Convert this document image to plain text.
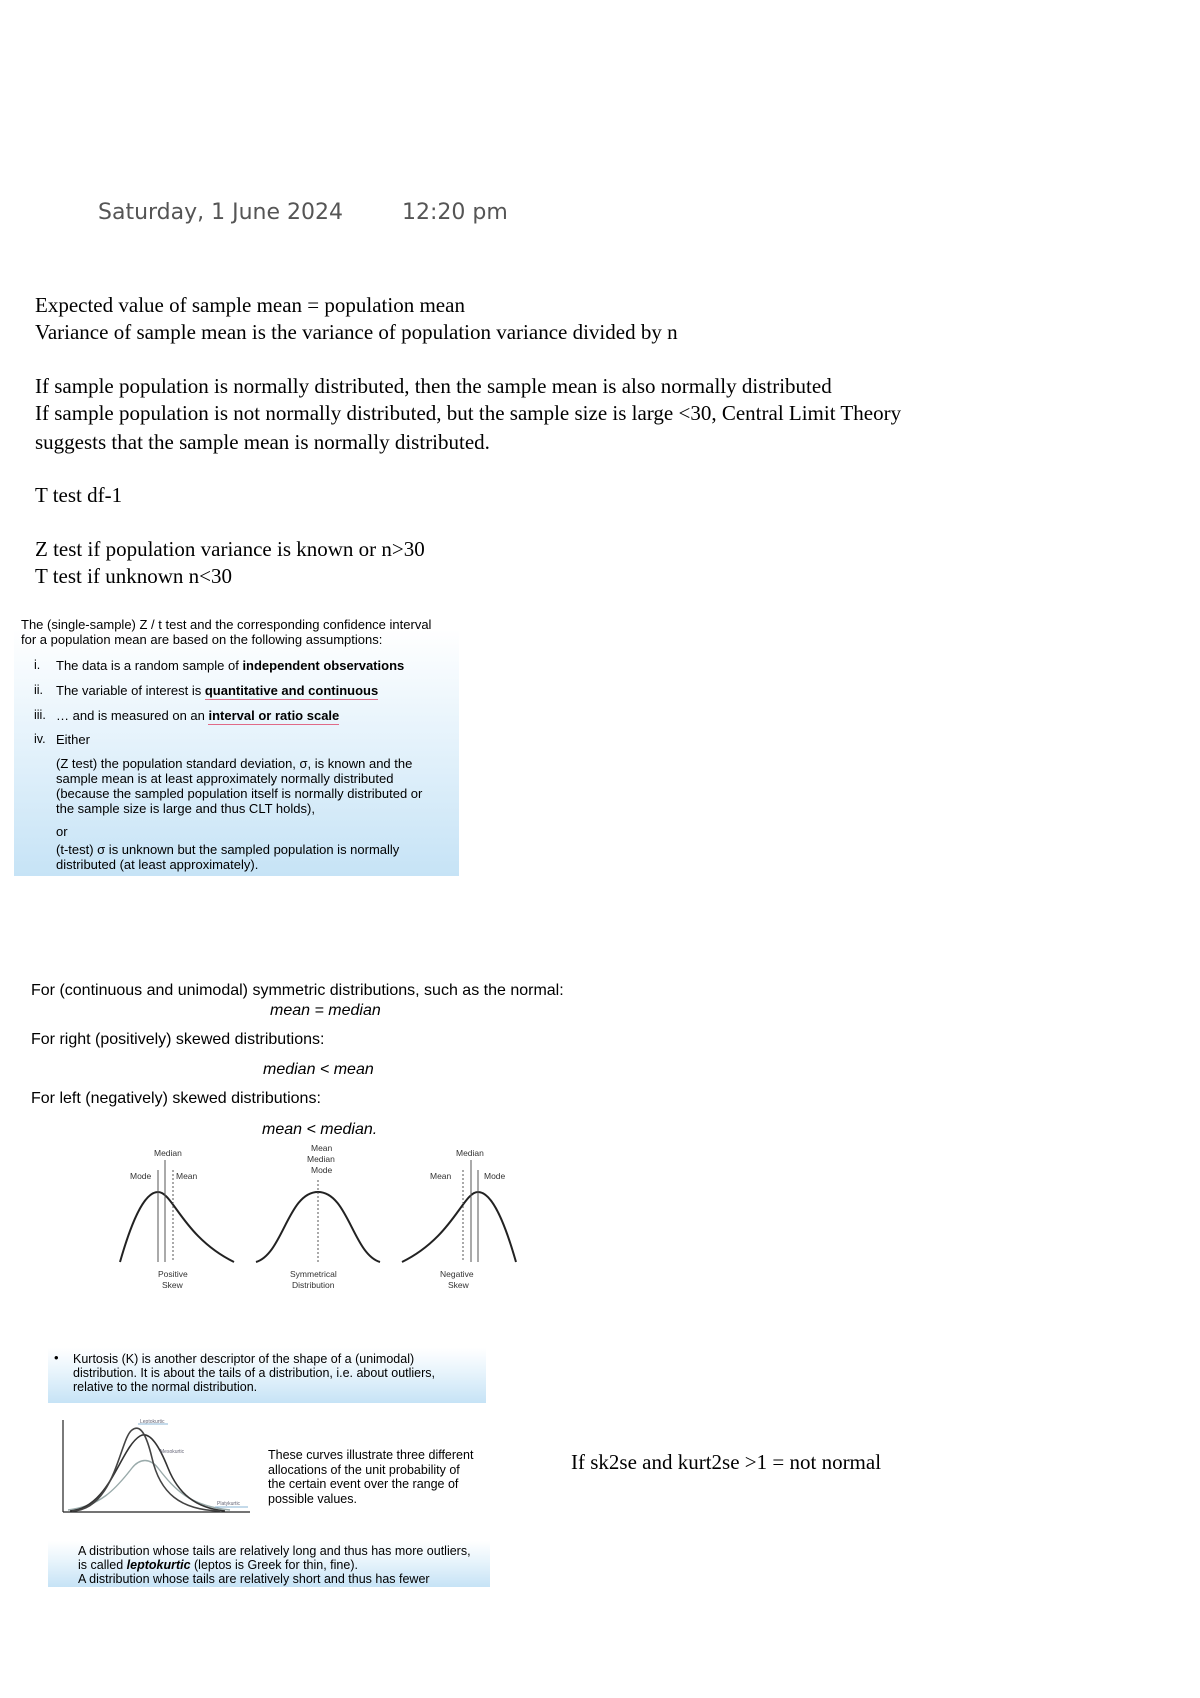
Saturday, 1 June 2024	12:20 pm
Expected value of sample mean = population mean
Variance of sample mean is the variance of population variance divided by n
If sample population is normally distributed, then the sample mean is also normally distributed
If sample population is not normally distributed, but the sample size is large <30, Central Limit Theory
suggests that the sample mean is normally distributed.
T test df-1
Z test if population variance is known or n>30
T test if unknown n<30
The (single-sample) Z / t test and the corresponding confidence interval
for a population mean are based on the following assumptions:
i.	The data is a random sample of independent observations
ii. The variable of interest is quantitative and continuous
iii. … and is measured on an interval or ratio scale
iv. Either
(Z test) the population standard deviation, σ, is known and the
sample mean is at least approximately normally distributed
(because the sampled population itself is normally distributed or
the sample size is large and thus CLT holds),
or
(t-test) σ is unknown but the sampled population is normally
distributed (at least approximately).
For (continuous and unimodal) symmetric distributions, such as the normal:
mean = median
For right (positively) skewed distributions:
median < mean
For left (negatively) skewed distributions:
mean < median.
Median
Mode	Mean
Positive
Skew
Mean
Median
Mode
Symmetrical
Distribution
Median
Mean	Mode
Negative
Skew
• Kurtosis (K) is another descriptor of the shape of a (unimodal)
distribution. It is about the tails of a distribution, i.e. about outliers,
relative to the normal distribution.
Leptokurtic
Mesokurtic
Platykurtic
These curves illustrate three different
allocations of the unit probability of
the certain event over the range of
possible values.
If sk2se and kurt2se >1 = not normal
A distribution whose tails are relatively long and thus has more outliers,
is called leptokurtic (leptos is Greek for thin, fine).
A distribution whose tails are relatively short and thus has fewer
